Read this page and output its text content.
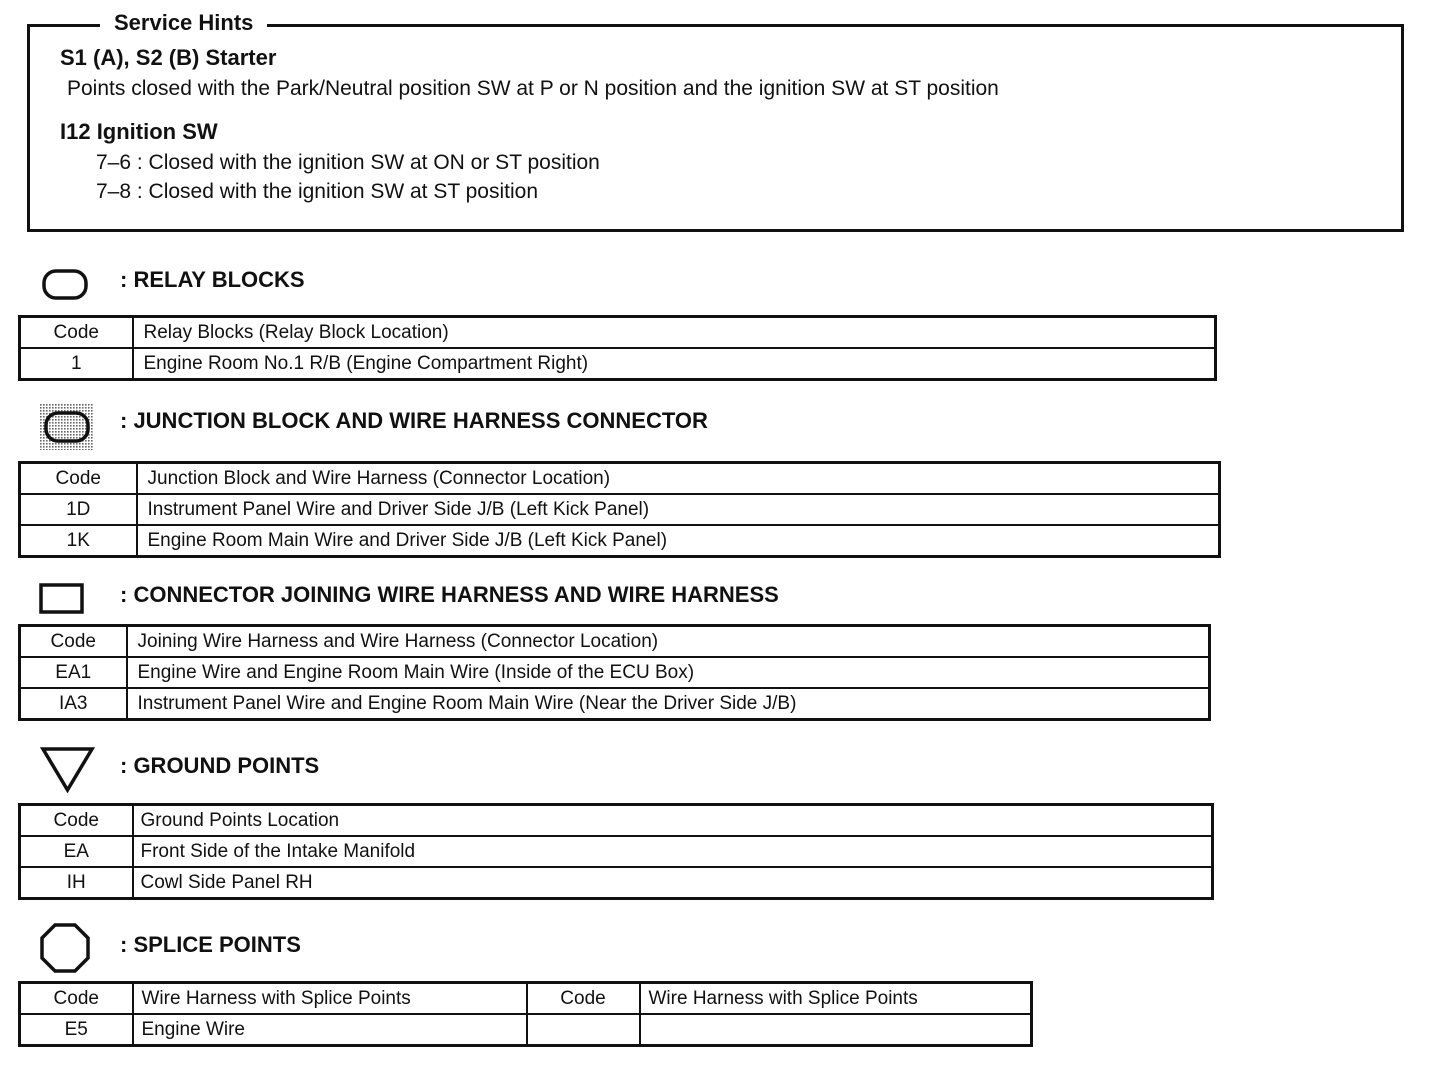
Service Hints
S1 (A), S2 (B) Starter
Points closed with the Park/Neutral position SW at P or N position and the ignition SW at ST position
I12 Ignition SW
7–6 : Closed with the ignition SW at ON or ST position
7–8 : Closed with the ignition SW at ST position
: RELAY BLOCKS
Code	Relay Blocks (Relay Block Location)
1	Engine Room No.1 R/B (Engine Compartment Right)
: JUNCTION BLOCK AND WIRE HARNESS CONNECTOR
Code	Junction Block and Wire Harness (Connector Location)
1D	Instrument Panel Wire and Driver Side J/B (Left Kick Panel)
1K	Engine Room Main Wire and Driver Side J/B (Left Kick Panel)
: CONNECTOR JOINING WIRE HARNESS AND WIRE HARNESS
Code	Joining Wire Harness and Wire Harness (Connector Location)
EA1	Engine Wire and Engine Room Main Wire (Inside of the ECU Box)
IA3	Instrument Panel Wire and Engine Room Main Wire (Near the Driver Side J/B)
: GROUND POINTS
Code	Ground Points Location
EA	Front Side of the Intake Manifold
IH	Cowl Side Panel RH
: SPLICE POINTS
Code	Wire Harness with Splice Points	Code	Wire Harness with Splice Points
E5	Engine Wire		
